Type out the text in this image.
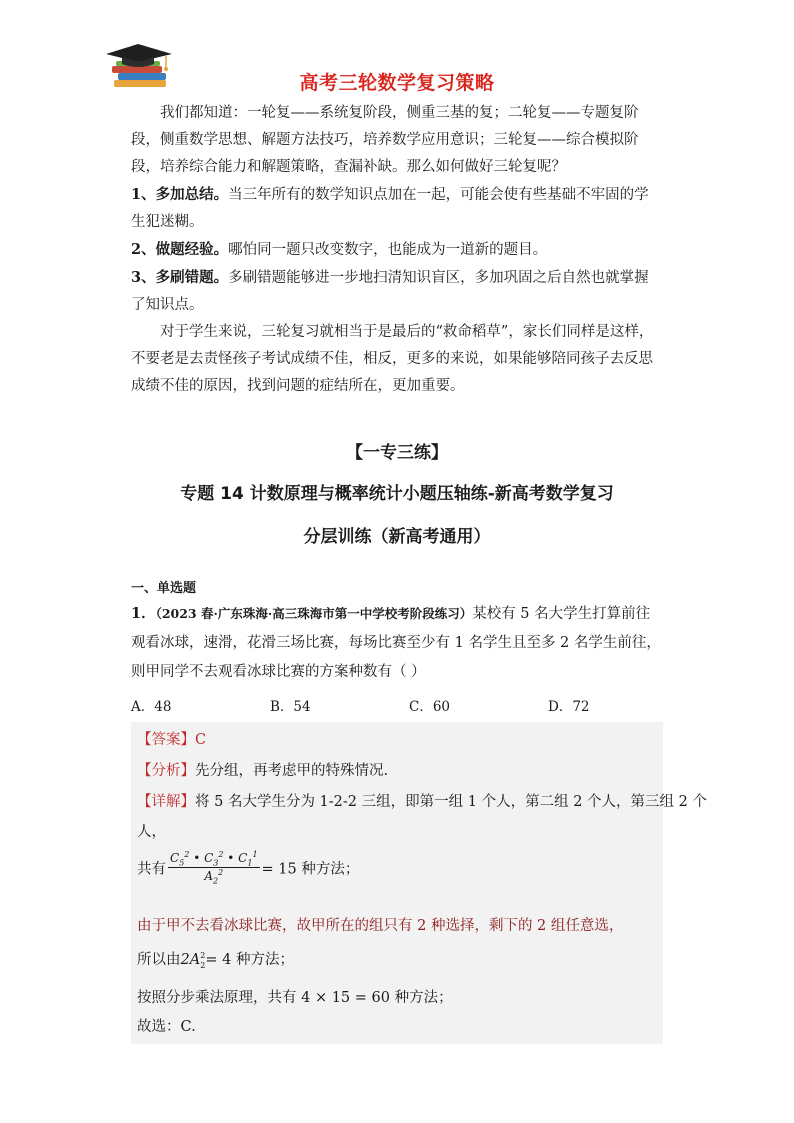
高考三轮数学复习策略

我们都知道：一轮复——系统复阶段，侧重三基的复；二轮复——专题复阶段，侧重数学思想、解题方法技巧，培养数学应用意识；三轮复——综合模拟阶段，培养综合能力和解题策略，查漏补缺。那么如何做好三轮复呢？

1、多加总结。当三年所有的数学知识点加在一起，可能会使有些基础不牢固的学生犯迷糊。

2、做题经验。哪怕同一题只改变数字，也能成为一道新的题目。

3、多刷错题。多刷错题能够进一步地扫清知识盲区，多加巩固之后自然也就掌握了知识点。

对于学生来说，三轮复习就相当于是最后的“救命稻草”，家长们同样是这样，不要老是去责怪孩子考试成绩不佳，相反，更多的来说，如果能够陪同孩子去反思成绩不佳的原因，找到问题的症结所在，更加重要。

【一专三练】
专题 14 计数原理与概率统计小题压轴练-新高考数学复习
分层训练（新高考通用）
一、单选题

1．（2023 春·广东珠海·高三珠海市第一中学校考阶段练习）某校有 5 名大学生打算前往观看冰球，速滑，花滑三场比赛，每场比赛至少有 1 名学生且至多 2 名学生前往，则甲同学不去观看冰球比赛的方案种数有（ ）

A．48	B．54	C．60	D．72
【答案】C
【分析】先分组，再考虑甲的特殊情况.
【详解】将 5 名大学生分为 1-2-2 三组，即第一组 1 个人，第二组 2 个人，第三组 2 个
人，
共有 $\frac{C_5^2 • C_3^2 • C_1^1}{A_2^2} = 15$ 种方法；
由于甲不去看冰球比赛，故甲所在的组只有 2 种选择，剩下的 2 组任意选，
所以由$2A_2^2= 4$ 种方法；
按照分步乘法原理，共有 4 × 15 = 60 种方法；
故选：C.
